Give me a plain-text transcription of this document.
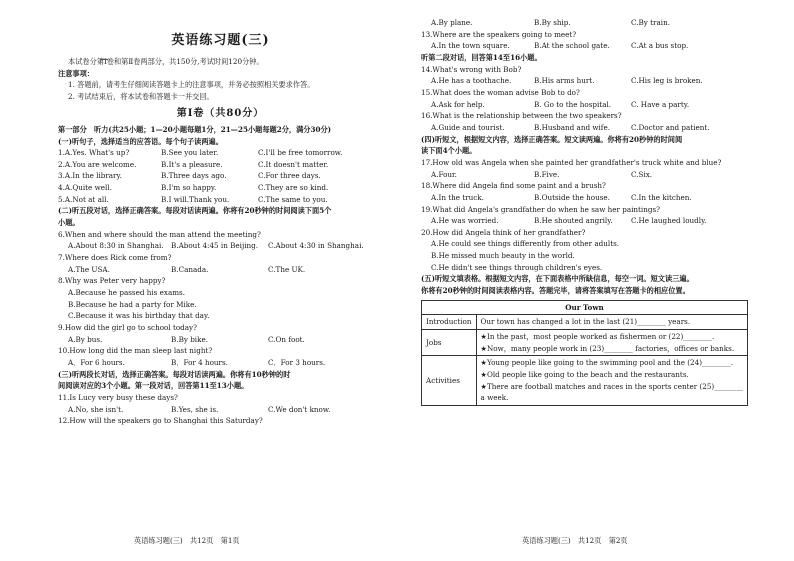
英语练习题(三)
本试卷分第Ⅰ卷和第Ⅱ卷两部分，共150分,考试时间120分钟。
注意事项：
1. 答题前，请考生仔细阅读答题卡上的注意事项，并务必按照相关要求作答。
2. 考试结束后，将本试卷和答题卡一并交回。
第Ⅰ卷（共80分）
第一部分　听力(共25小题；1—20小题每题1分，21—25小题每题2分，满分30分)
(一)听句子，选择适当的应答语。每个句子读两遍。
1.A.Yes. What's up?	B.See you later.	C.I'll be free tomorrow.
2.A.You are welcome.	B.It's a pleasure.	C.It doesn't matter.
3.A.In the library.	B.Three days ago.	C.For three days.
4.A.Quite well.	B.I'm so happy.	C.They are so kind.
5.A.Not at all.	B.I will.Thank you.	C.The same to you.
(二)听五段对话，选择正确答案。每段对话读两遍。你将有20秒钟的时间阅读下面5个
小题。
6.When and where should the man attend the meeting?
A.About 8:30 in Shanghai.	B.About 4:45 in Beijing.	C.About 4:30 in Shanghai.
7.Where does Rick come from?
A.The USA.	B.Canada.	C.The UK.
8.Why was Peter very happy?
A.Because he passed his exams.
B.Because he had a party for Mike.
C.Because it was his birthday that day.
9.How did the girl go to school today?
A.By bus.	B.By bike.	C.On foot.
10.How long did the man sleep last night?
A．For 6 hours.	B．For 4 hours.	C．For 3 hours.
(三)听两段长对话，选择正确答案。每段对话读两遍。你将有10秒钟的时
间阅读对应的3个小题。第一段对话，回答第11至13小题。
11.Is Lucy very busy these days?
A.No, she isn't.	B.Yes, she is.	C.We don't know.
12.How will the speakers go to Shanghai this Saturday?
英语练习题(三)　共12页　第1页
A.By plane.	B.By ship.	C.By train.
13.Where are the speakers going to meet?
A.In the town square.	B.At the school gate.	C.At a bus stop.
听第二段对话，回答第14至16小题。
14.What's wrong with Bob?
A.He has a toothache.	B.His arms hurt.	C.His leg is broken.
15.What does the woman advise Bob to do?
A.Ask for help.	B. Go to the hospital.	C. Have a party.
16.What is the relationship between the two speakers?
A.Guide and tourist.	B.Husband and wife.	C.Doctor and patient.
(四)听短文，根据短文内容，选择正确答案。短文读两遍。你将有20秒钟的时间阅
读下面4个小题。
17.How old was Angela when she painted her grandfather's truck white and blue?
A.Four.	B.Five.	C.Six.
18.Where did Angela find some paint and a brush?
A.In the truck.	B.Outside the house.	C.In the kitchen.
19.What did Angela's grandfather do when he saw her paintings?
A.He was worried.	B.He shouted angrily.	C.He laughed loudly.
20.How did Angela think of her grandfather?
A.He could see things differently from other adults.
B.He missed much beauty in the world.
C.He didn't see things through children's eyes.
(五)听短文填表格。根据短文内容，在下面表格中所缺信息，每空一词。短文读三遍。
你将有20秒钟的时间阅读表格内容。答题完毕，请将答案填写在答题卡的相应位置。
Our Town	
Introduction	Our town has changed a lot in the last (21)________ years.

Jobs	★In the past，most people worked as fishermen or (22)________.
★Now，many people work in (23)________ factories，offices or banks.

Activities	★Young people like going to the swimming pool and the (24)________.
★Old people like going to the beach and the restaurants.
★There are football matches and races in the sports center (25)________
a week.
英语练习题(三)　共12页　第2页
